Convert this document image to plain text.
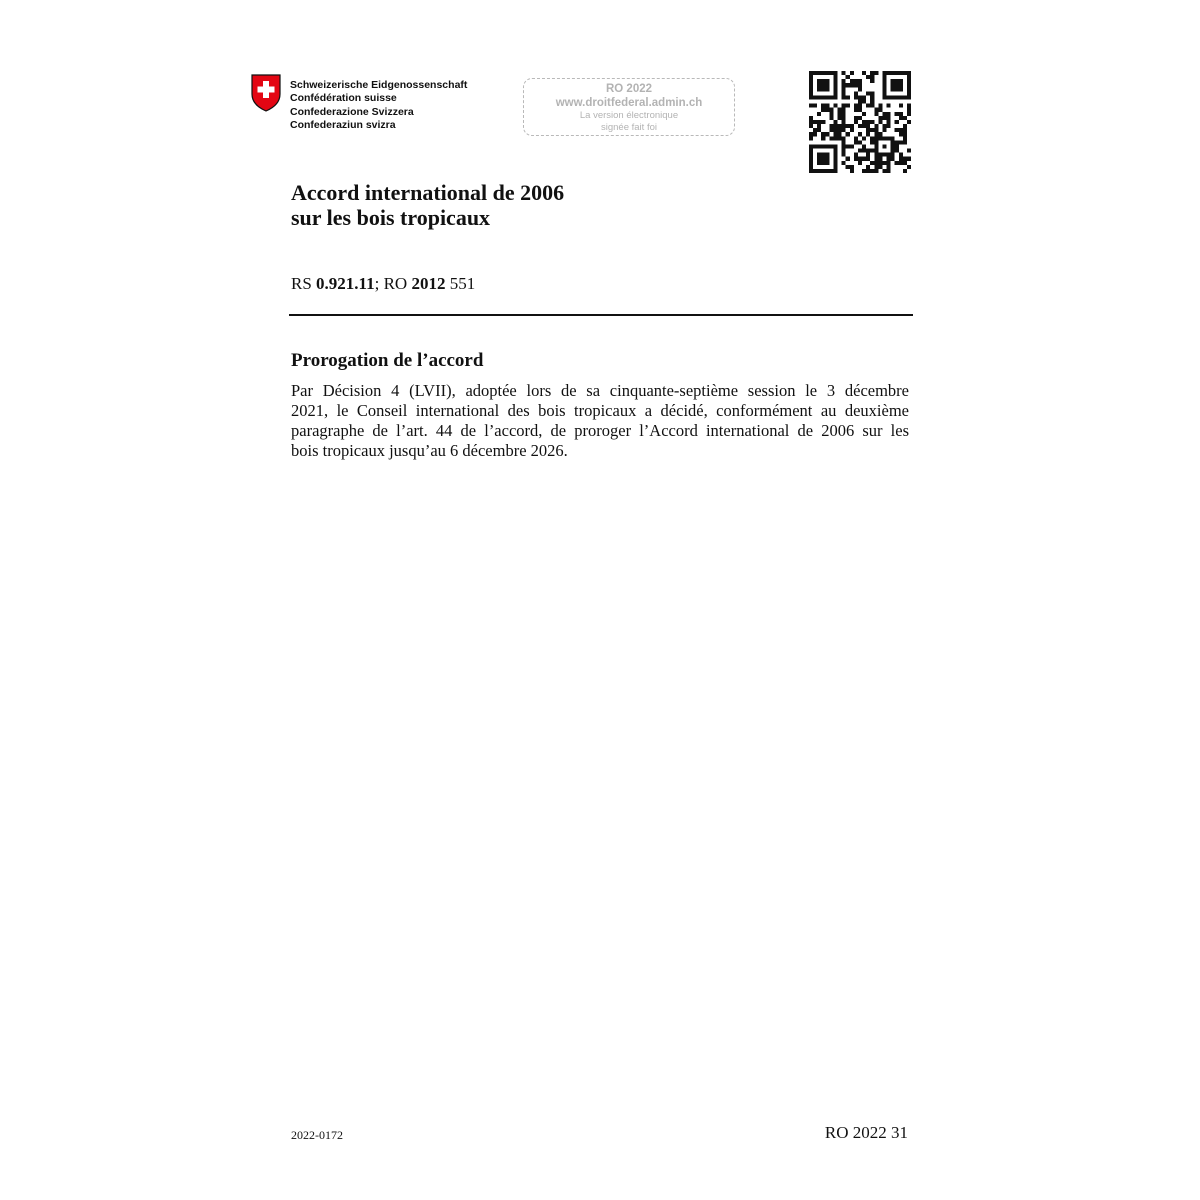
Schweizerische Eidgenossenschaft
Confédération suisse
Confederazione Svizzera
Confederaziun svizra
RO 2022
www.droitfederal.admin.ch
La version électronique
signée fait foi
Accord international de 2006
sur les bois tropicaux
RS 0.921.11; RO 2012 551
Prorogation de l’accord
Par Décision 4 (LVII), adoptée lors de sa cinquante-septième session le 3 décembre
2021, le Conseil international des bois tropicaux a décidé, conformément au deuxième
paragraphe de l’art. 44 de l’accord, de proroger l’Accord international de 2006 sur les
bois tropicaux jusqu’au 6 décembre 2026.
2022-0172	RO 2022 31
